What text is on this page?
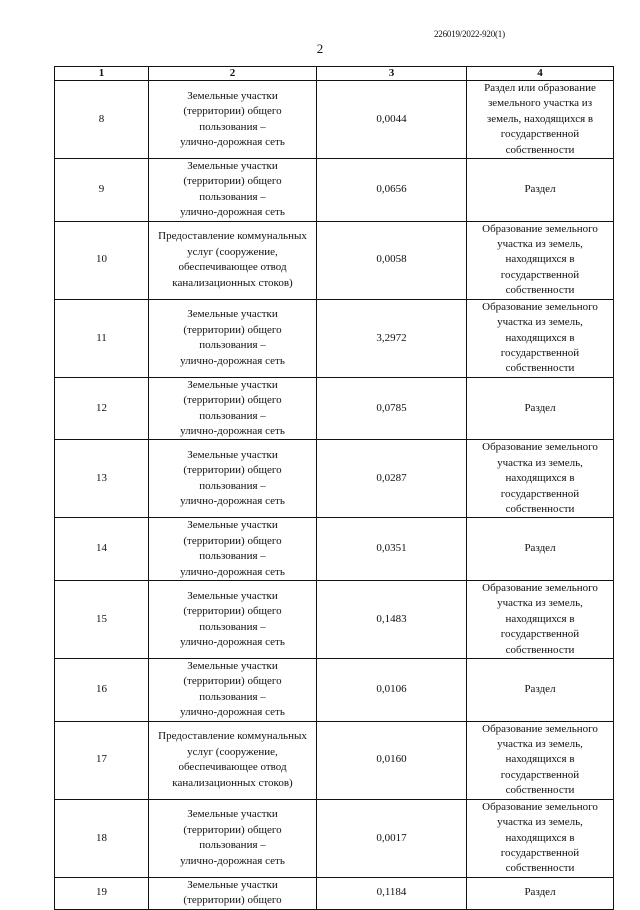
226019/2022-920(1)
2
1	2	3	4
8	Земельные участки
(территории) общего
пользования –
улично-дорожная сеть	0,0044	Раздел или образование
земельного участка из
земель, находящихся в
государственной
собственности
9	Земельные участки
(территории) общего
пользования –
улично-дорожная сеть	0,0656	Раздел
10	Предоставление коммунальных
услуг (сооружение,
обеспечивающее отвод
канализационных стоков)	0,0058	Образование земельного
участка из земель,
находящихся в
государственной
собственности
11	Земельные участки
(территории) общего
пользования –
улично-дорожная сеть	3,2972	Образование земельного
участка из земель,
находящихся в
государственной
собственности
12	Земельные участки
(территории) общего
пользования –
улично-дорожная сеть	0,0785	Раздел
13	Земельные участки
(территории) общего
пользования –
улично-дорожная сеть	0,0287	Образование земельного
участка из земель,
находящихся в
государственной
собственности
14	Земельные участки
(территории) общего
пользования –
улично-дорожная сеть	0,0351	Раздел
15	Земельные участки
(территории) общего
пользования –
улично-дорожная сеть	0,1483	Образование земельного
участка из земель,
находящихся в
государственной
собственности
16	Земельные участки
(территории) общего
пользования –
улично-дорожная сеть	0,0106	Раздел
17	Предоставление коммунальных
услуг (сооружение,
обеспечивающее отвод
канализационных стоков)	0,0160	Образование земельного
участка из земель,
находящихся в
государственной
собственности
18	Земельные участки
(территории) общего
пользования –
улично-дорожная сеть	0,0017	Образование земельного
участка из земель,
находящихся в
государственной
собственности
19	Земельные участки
(территории) общего	0,1184	Раздел
